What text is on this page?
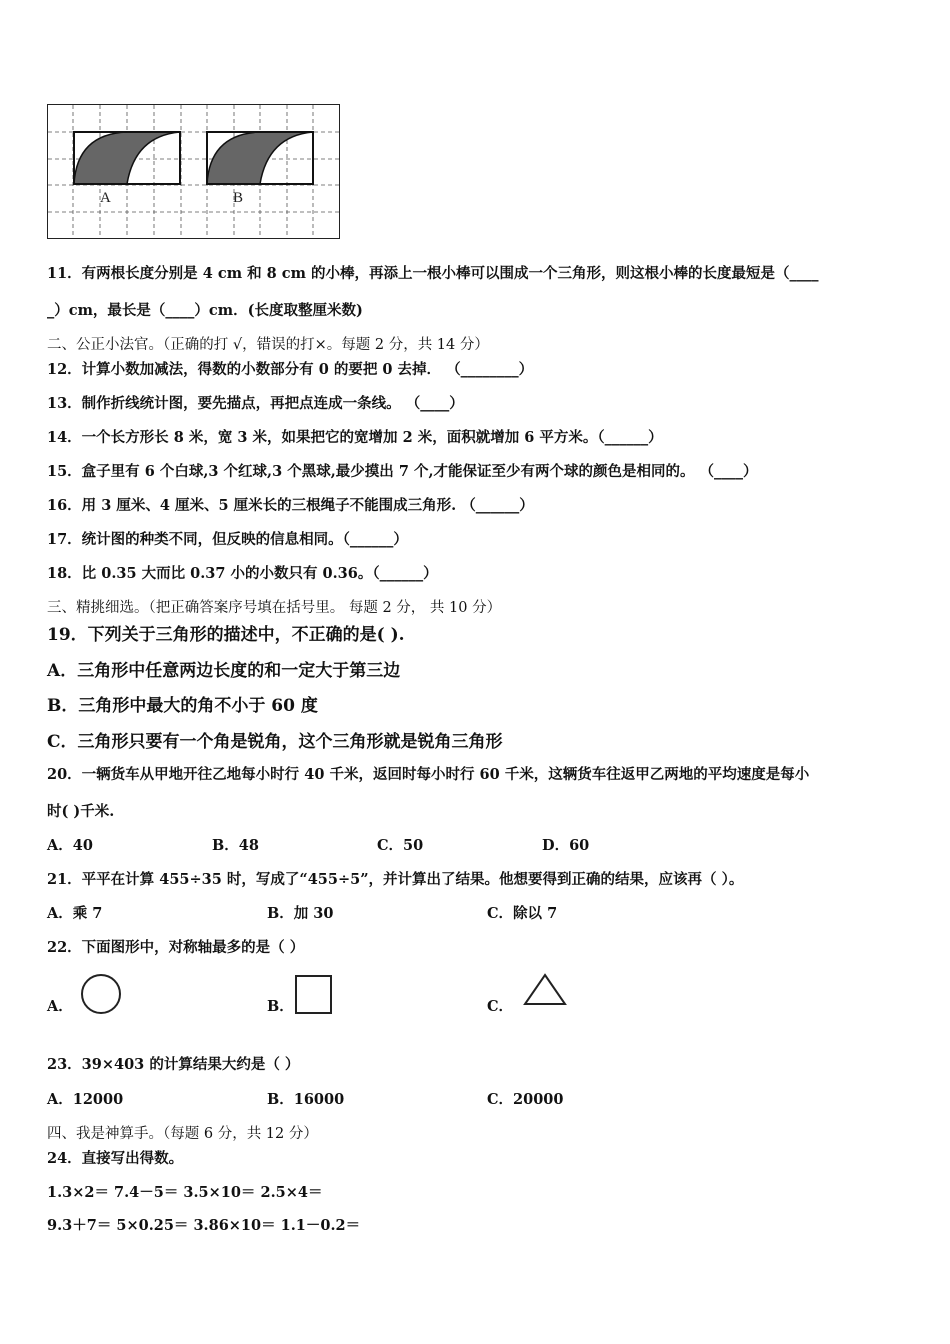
A	B
11．有两根长度分别是 4 cm 和 8 cm 的小棒，再添上一根小棒可以围成一个三角形，则这根小棒的长度最短是（____
_）cm，最长是（____）cm．(长度取整厘米数)
二、公正小法官。（正确的打 √，错误的打×。每题 2 分，共 14 分）
12．计算小数加减法，得数的小数部分有 0 的要把 0 去掉． （________）
13．制作折线统计图，要先描点，再把点连成一条线。 （____）
14．一个长方形长 8 米，宽 3 米，如果把它的宽增加 2 米，面积就增加 6 平方米。（______）
15．盒子里有 6 个白球,3 个红球,3 个黑球,最少摸出 7 个,才能保证至少有两个球的颜色是相同的。 （____）
16．用 3 厘米、4 厘米、5 厘米长的三根绳子不能围成三角形. （______）
17．统计图的种类不同，但反映的信息相同。（______）
18．比 0.35 大而比 0.37 小的小数只有 0.36。（______）
三、精挑细选。（把正确答案序号填在括号里。 每题 2 分， 共 10 分）
19．下列关于三角形的描述中，不正确的是( ).
A．三角形中任意两边长度的和一定大于第三边
B．三角形中最大的角不小于 60 度
C．三角形只要有一个角是锐角，这个三角形就是锐角三角形
20．一辆货车从甲地开往乙地每小时行 40 千米，返回时每小时行 60 千米，这辆货车往返甲乙两地的平均速度是每小
时( )千米.
A．40	B．48	C．50	D．60
21．平平在计算 455÷35 时，写成了“455÷5”，并计算出了结果。他想要得到正确的结果，应该再（ ）。
A．乘 7	B．加 30	C．除以 7
22．下面图形中，对称轴最多的是（ ）
A．	B．	C．
23．39×403 的计算结果大约是（ ）
A．12000	B．16000	C．20000
四、我是神算手。（每题 6 分，共 12 分）
24．直接写出得数。
1.3×2＝ 7.4－5＝ 3.5×10＝ 2.5×4＝
9.3＋7＝ 5×0.25＝ 3.86×10＝ 1.1－0.2＝
